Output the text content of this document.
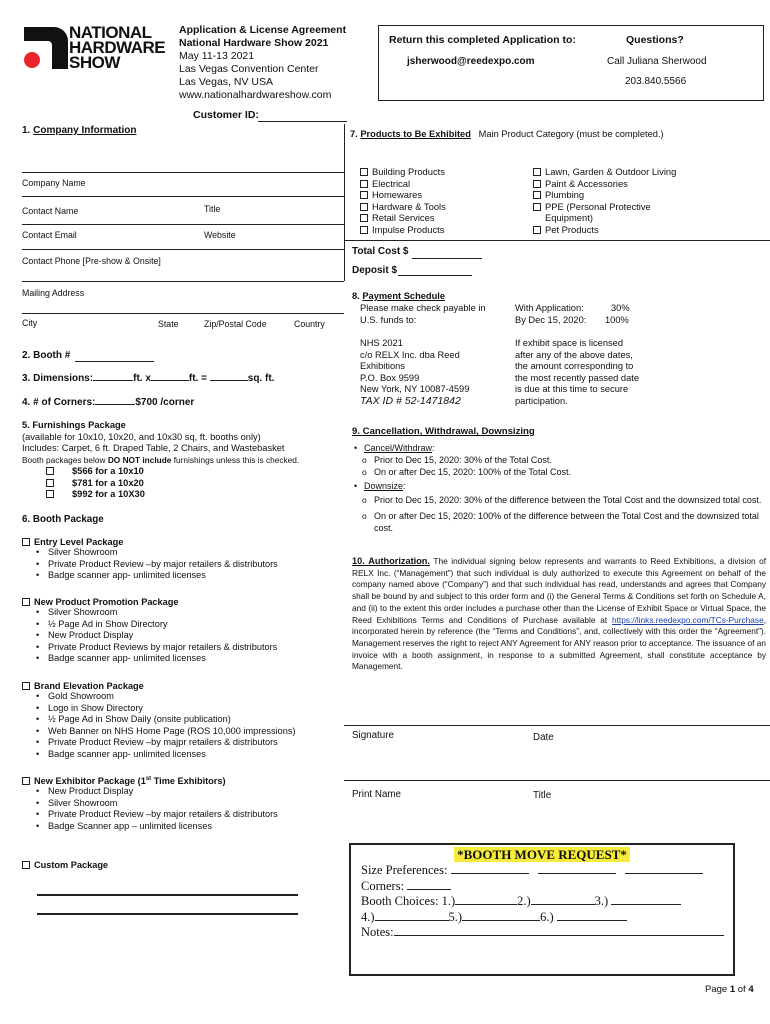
NATIONAL
HARDWARE
SHOW
Application & License Agreement
National Hardware Show 2021
May 11-13 2021
Las Vegas Convention Center
Las Vegas, NV USA
www.nationalhardwareshow.com
Return this completed Application to:
jsherwood@reedexpo.com
Questions?
Call Juliana Sherwood
203.840.5566
Customer ID:
1. Company Information
Company Name
Contact Name	Title
Contact Email	Website
Contact Phone [Pre-show & Onsite]
Mailing Address
City	State	Zip/Postal Code	Country
2. Booth #
3. Dimensions:	ft. x	ft. =	sq. ft.
4. # of Corners:	$700 /corner
5. Furnishings Package
(available for 10x10, 10x20, and 10x30 sq, ft. booths only)
Includes: Carpet, 6 ft. Draped Table, 2 Chairs, and Wastebasket
Booth packages below DO NOT include furnishings unless this is checked.
$566 for a 10x10
$781 for a 10x20
$992 for a 10X30
6. Booth Package
Entry Level Package
• Silver Showroom
• Private Product Review –by major retailers & distributors
• Badge scanner app- unlimited licenses
New Product Promotion Package
• Silver Showroom
• ½ Page Ad in Show Directory
• New Product Display
• Private Product Reviews by major retailers & distributors
• Badge scanner app- unlimited licenses
Brand Elevation Package
• Gold Showroom
• Logo in Show Directory
• ½ Page Ad in Show Daily (onsite publication)
• Web Banner on NHS Home Page (ROS 10,000 impressions)
• Private Product Review –by majpr retailers & distributors
• Badge scanner app- unlimited licenses
New Exhibitor Package (1st Time Exhibitors)
• New Product Display
• Silver Showroom
• Private Product Review –by major retailers & distributors
• Badge Scanner app – unlimited licenses
Custom Package
7. Products to Be Exhibited Main Product Category (must be completed.)
Building Products
Electrical
Homewares
Hardware & Tools
Retail Services
Impulse Products
Lawn, Garden & Outdoor Living
Paint & Accessories
Plumbing
PPE (Personal Protective
Equipment)
Pet Products
Total Cost $
Deposit $
8. Payment Schedule
Please make check payable in
U.S. funds to:
With Application:	30%
By Dec 15, 2020: 100%
NHS 2021
c/o RELX Inc. dba Reed
Exhibitions
P.O. Box 9599
New York, NY 10087-4599
TAX ID # 52-1471842
If exhibit space is licensed
after any of the above dates,
the amount corresponding to
the most recently passed date
is due at this time to secure
participation.
9. Cancellation, Withdrawal, Downsizing
• Cancel/Withdraw:
o Prior to Dec 15, 2020: 30% of the Total Cost.
o On or after Dec 15, 2020: 100% of the Total Cost.
• Downsize:
o Prior to Dec 15, 2020: 30% of the difference between the Total Cost and the downsized total cost.
o On or after Dec 15, 2020: 100% of the difference between the Total Cost and the downsized total cost.
10. Authorization. The individual signing below represents and warrants to Reed Exhibitions, a division of RELX Inc. (“Management”) that such individual is duly authorized to execute this Agreement on behalf of the company named above (“Company”) and that such individual has read, understands and agrees that Company shall be bound by and subject to this order form and (i) the General Terms & Conditions set forth on Schedule A, and (ii) to the extent this order includes a purchase other than the License of Exhibit Space or Virtual Space, the Reed Exhibitions Terms and Conditions of Purchase available at https://links.reedexpo.com/TCs-Purchase, incorporated herein by reference (the “Terms and Conditions”, and, collectively with this order the “Agreement”). Management reserves the right to reject ANY Agreement for ANY reason prior to acceptance. The issuance of an invoice with a booth assignment, in response to a submitted Agreement, shall constitute acceptance by Management.
Signature	Date
Print Name	Title
*BOOTH MOVE REQUEST*
Size Preferences:
Corners:
Booth Choices: 1.)	2.)	3.)
4.)	5.)	6.)
Notes:
Page 1 of 4
